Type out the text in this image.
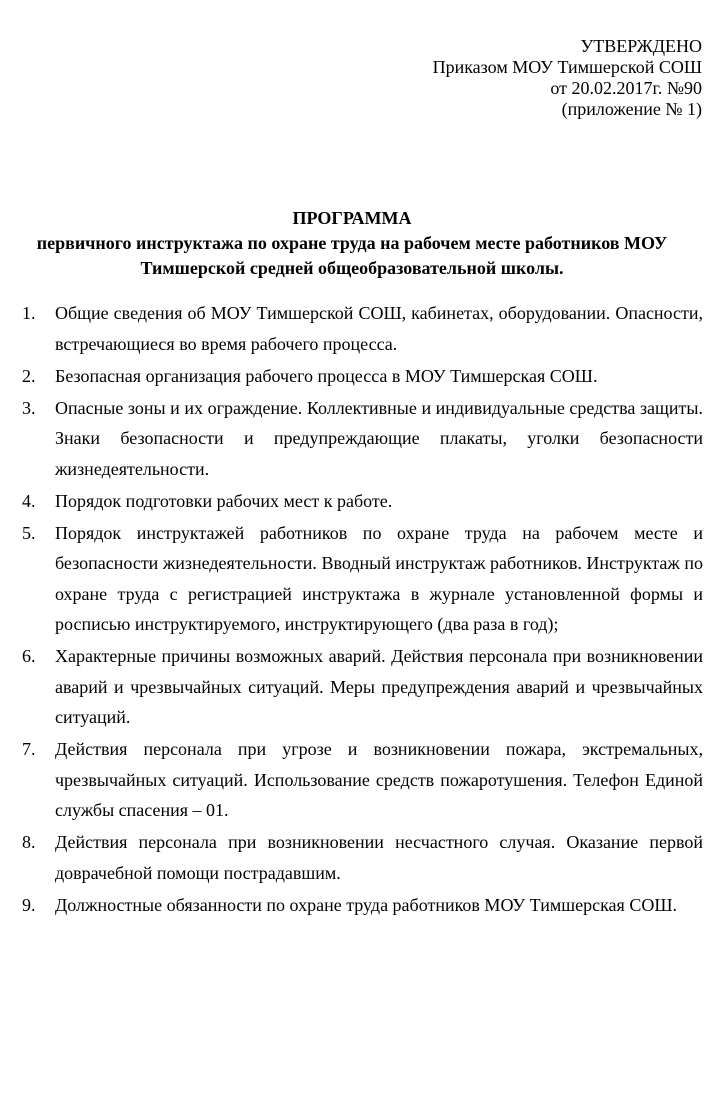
УТВЕРЖДЕНО
Приказом МОУ Тимшерской СОШ
от 20.02.2017г. №90
(приложение № 1)
ПРОГРАММА
первичного инструктажа по охране труда на рабочем месте работников МОУ
Тимшерской средней общеобразовательной школы.
1.	Общие сведения об МОУ Тимшерской СОШ, кабинетах, оборудовании. Опасности, встречающиеся во время рабочего процесса.
2.	Безопасная организация рабочего процесса в МОУ Тимшерская СОШ.
3.	Опасные зоны и их ограждение. Коллективные и индивидуальные средства защиты. Знаки безопасности и предупреждающие плакаты, уголки безопасности жизнедеятельности.
4.	Порядок подготовки рабочих мест к работе.
5.	Порядок инструктажей работников по охране труда на рабочем месте и безопасности жизнедеятельности. Вводный инструктаж работников. Инструктаж по охране труда с регистрацией инструктажа в журнале установленной формы и росписью инструктируемого, инструктирующего (два раза в год);
6.	Характерные причины возможных аварий. Действия персонала при возникновении аварий и чрезвычайных ситуаций. Меры предупреждения аварий и чрезвычайных ситуаций.
7.	Действия персонала при угрозе и возникновении пожара, экстремальных, чрезвычайных ситуаций. Использование средств пожаротушения. Телефон Единой службы спасения – 01.
8.	Действия персонала при возникновении несчастного случая. Оказание первой доврачебной помощи пострадавшим.
9.	Должностные обязанности по охране труда работников МОУ Тимшерская СОШ.
